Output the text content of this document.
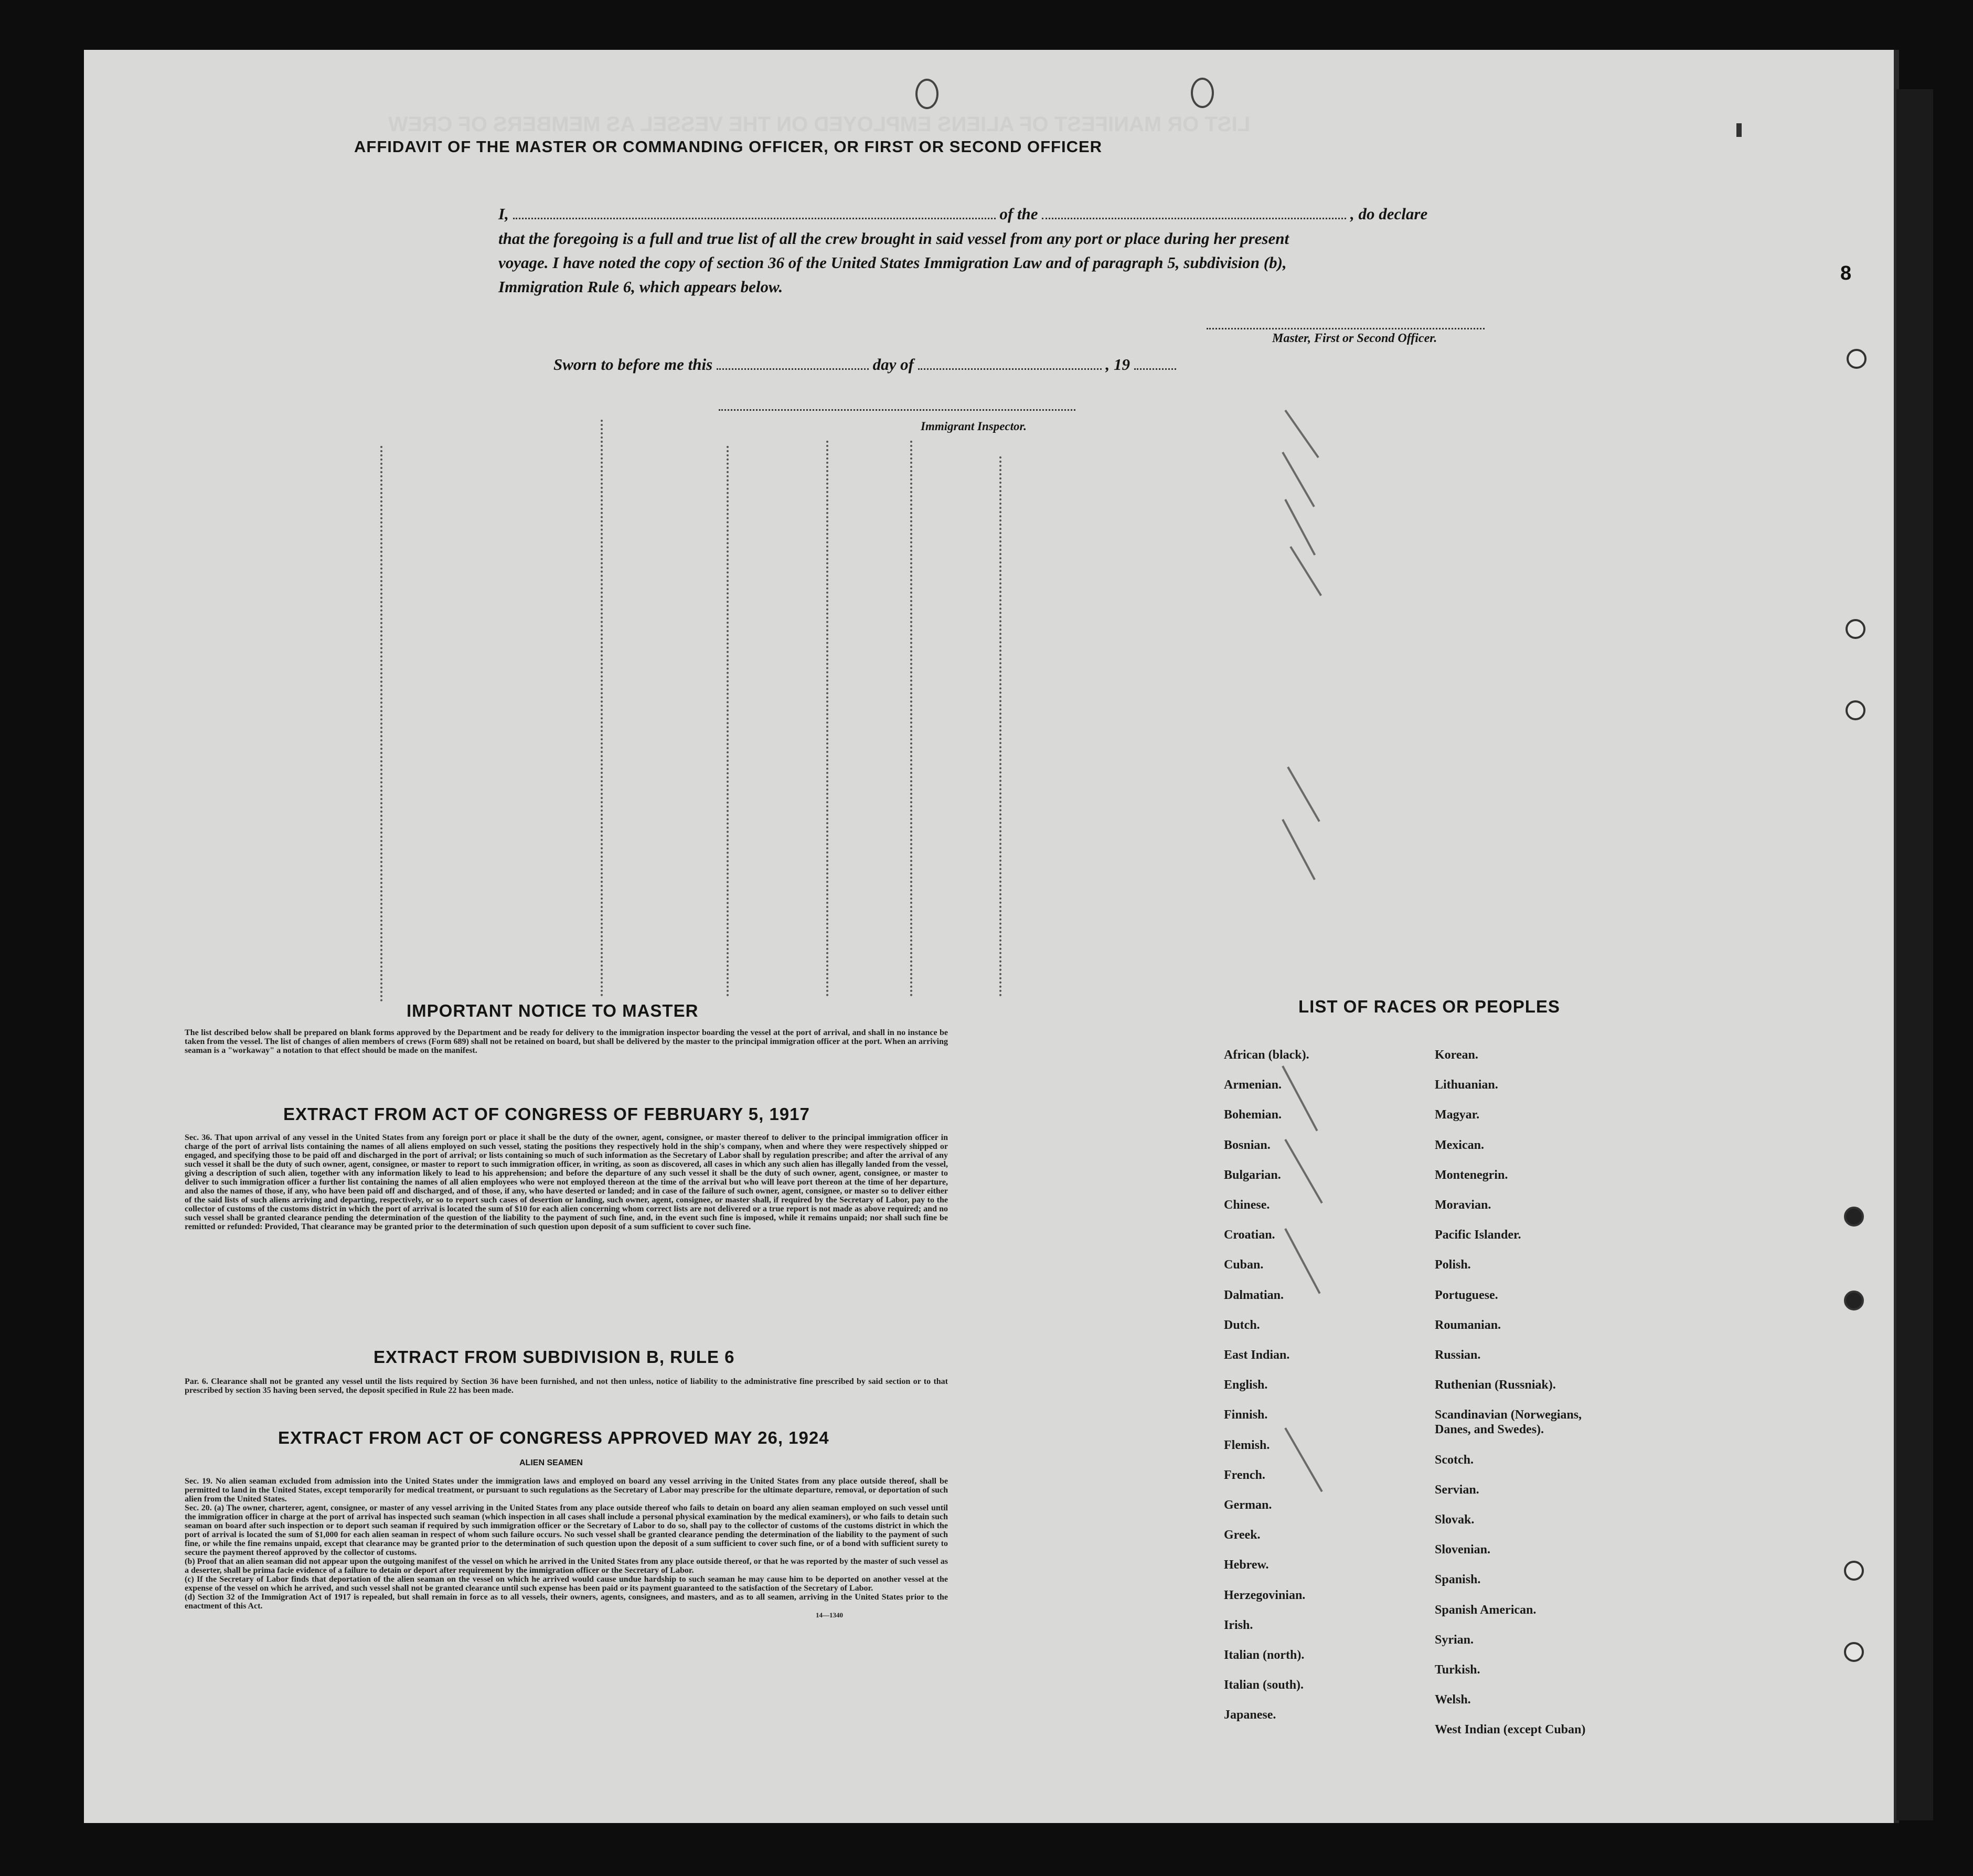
LIST OR MANIFEST OF ALIENS EMPLOYED ON THE VESSEL AS MEMBERS OF CREW
AFFIDAVIT OF THE MASTER OR COMMANDING OFFICER, OR FIRST OR SECOND OFFICER
I,	of the	, do declare
that the foregoing is a full and true list of all the crew brought in said vessel from any port or place during her present
voyage. I have noted the copy of section 36 of the United States Immigration Law and of paragraph 5, subdivision (b),
Immigration Rule 6, which appears below.
Master, First or Second Officer.
Sworn to before me this	day of	, 19
Immigrant Inspector.
IMPORTANT NOTICE TO MASTER
The list described below shall be prepared on blank forms approved by the Department and be ready for delivery to the immigration inspector boarding the vessel at the port of arrival, and shall in no instance be taken from the vessel. The list of changes of alien members of crews (Form 689) shall not be retained on board, but shall be delivered by the master to the principal immigration officer at the port. When an arriving seaman is a "workaway" a notation to that effect should be made on the manifest.
EXTRACT FROM ACT OF CONGRESS OF FEBRUARY 5, 1917
Sec. 36. That upon arrival of any vessel in the United States from any foreign port or place it shall be the duty of the owner, agent, consignee, or master thereof to deliver to the principal immigration officer in charge of the port of arrival lists containing the names of all aliens employed on such vessel, stating the positions they respectively hold in the ship's company, when and where they were respectively shipped or engaged, and specifying those to be paid off and discharged in the port of arrival; or lists containing so much of such information as the Secretary of Labor shall by regulation prescribe; and after the arrival of any such vessel it shall be the duty of such owner, agent, consignee, or master to report to such immigration officer, in writing, as soon as discovered, all cases in which any such alien has illegally landed from the vessel, giving a description of such alien, together with any information likely to lead to his apprehension; and before the departure of any such vessel it shall be the duty of such owner, agent, consignee, or master to deliver to such immigration officer a further list containing the names of all alien employees who were not employed thereon at the time of the arrival but who will leave port thereon at the time of her departure, and also the names of those, if any, who have been paid off and discharged, and of those, if any, who have deserted or landed; and in case of the failure of such owner, agent, consignee, or master so to deliver either of the said lists of such aliens arriving and departing, respectively, or so to report such cases of desertion or landing, such owner, agent, consignee, or master shall, if required by the Secretary of Labor, pay to the collector of customs of the customs district in which the port of arrival is located the sum of $10 for each alien concerning whom correct lists are not delivered or a true report is not made as above required; and no such vessel shall be granted clearance pending the determination of the question of the liability to the payment of such fine, and, in the event such fine is imposed, while it remains unpaid; nor shall such fine be remitted or refunded: Provided, That clearance may be granted prior to the determination of such question upon deposit of a sum sufficient to cover such fine.
EXTRACT FROM SUBDIVISION B, RULE 6
Par. 6. Clearance shall not be granted any vessel until the lists required by Section 36 have been furnished, and not then unless, notice of liability to the administrative fine prescribed by said section or to that prescribed by section 35 having been served, the deposit specified in Rule 22 has been made.
EXTRACT FROM ACT OF CONGRESS APPROVED MAY 26, 1924
ALIEN SEAMEN
Sec. 19. No alien seaman excluded from admission into the United States under the immigration laws and employed on board any vessel arriving in the United States from any place outside thereof, shall be permitted to land in the United States, except temporarily for medical treatment, or pursuant to such regulations as the Secretary of Labor may prescribe for the ultimate departure, removal, or deportation of such alien from the United States.
Sec. 20. (a) The owner, charterer, agent, consignee, or master of any vessel arriving in the United States from any place outside thereof who fails to detain on board any alien seaman employed on such vessel until the immigration officer in charge at the port of arrival has inspected such seaman (which inspection in all cases shall include a personal physical examination by the medical examiners), or who fails to detain such seaman on board after such inspection or to deport such seaman if required by such immigration officer or the Secretary of Labor to do so, shall pay to the collector of customs of the customs district in which the port of arrival is located the sum of $1,000 for each alien seaman in respect of whom such failure occurs. No such vessel shall be granted clearance pending the determination of the liability to the payment of such fine, or while the fine remains unpaid, except that clearance may be granted prior to the determination of such question upon the deposit of a sum sufficient to cover such fine, or of a bond with sufficient surety to secure the payment thereof approved by the collector of customs.
(b) Proof that an alien seaman did not appear upon the outgoing manifest of the vessel on which he arrived in the United States from any place outside thereof, or that he was reported by the master of such vessel as a deserter, shall be prima facie evidence of a failure to detain or deport after requirement by the immigration officer or the Secretary of Labor.
(c) If the Secretary of Labor finds that deportation of the alien seaman on the vessel on which he arrived would cause undue hardship to such seaman he may cause him to be deported on another vessel at the expense of the vessel on which he arrived, and such vessel shall not be granted clearance until such expense has been paid or its payment guaranteed to the satisfaction of the Secretary of Labor.
(d) Section 32 of the Immigration Act of 1917 is repealed, but shall remain in force as to all vessels, their owners, agents, consignees, and masters, and as to all seamen, arriving in the United States prior to the enactment of this Act.
14—1340
LIST OF RACES OR PEOPLES
African (black).
Armenian.
Bohemian.
Bosnian.
Bulgarian.
Chinese.
Croatian.
Cuban.
Dalmatian.
Dutch.
East Indian.
English.
Finnish.
Flemish.
French.
German.
Greek.
Hebrew.
Herzegovinian.
Irish.
Italian (north).
Italian (south).
Japanese.
Korean.
Lithuanian.
Magyar.
Mexican.
Montenegrin.
Moravian.
Pacific Islander.
Polish.
Portuguese.
Roumanian.
Russian.
Ruthenian (Russniak).
Scandinavian (Norwegians,
Danes, and Swedes).
Scotch.
Servian.
Slovak.
Slovenian.
Spanish.
Spanish American.
Syrian.
Turkish.
Welsh.
West Indian (except Cuban)
8
